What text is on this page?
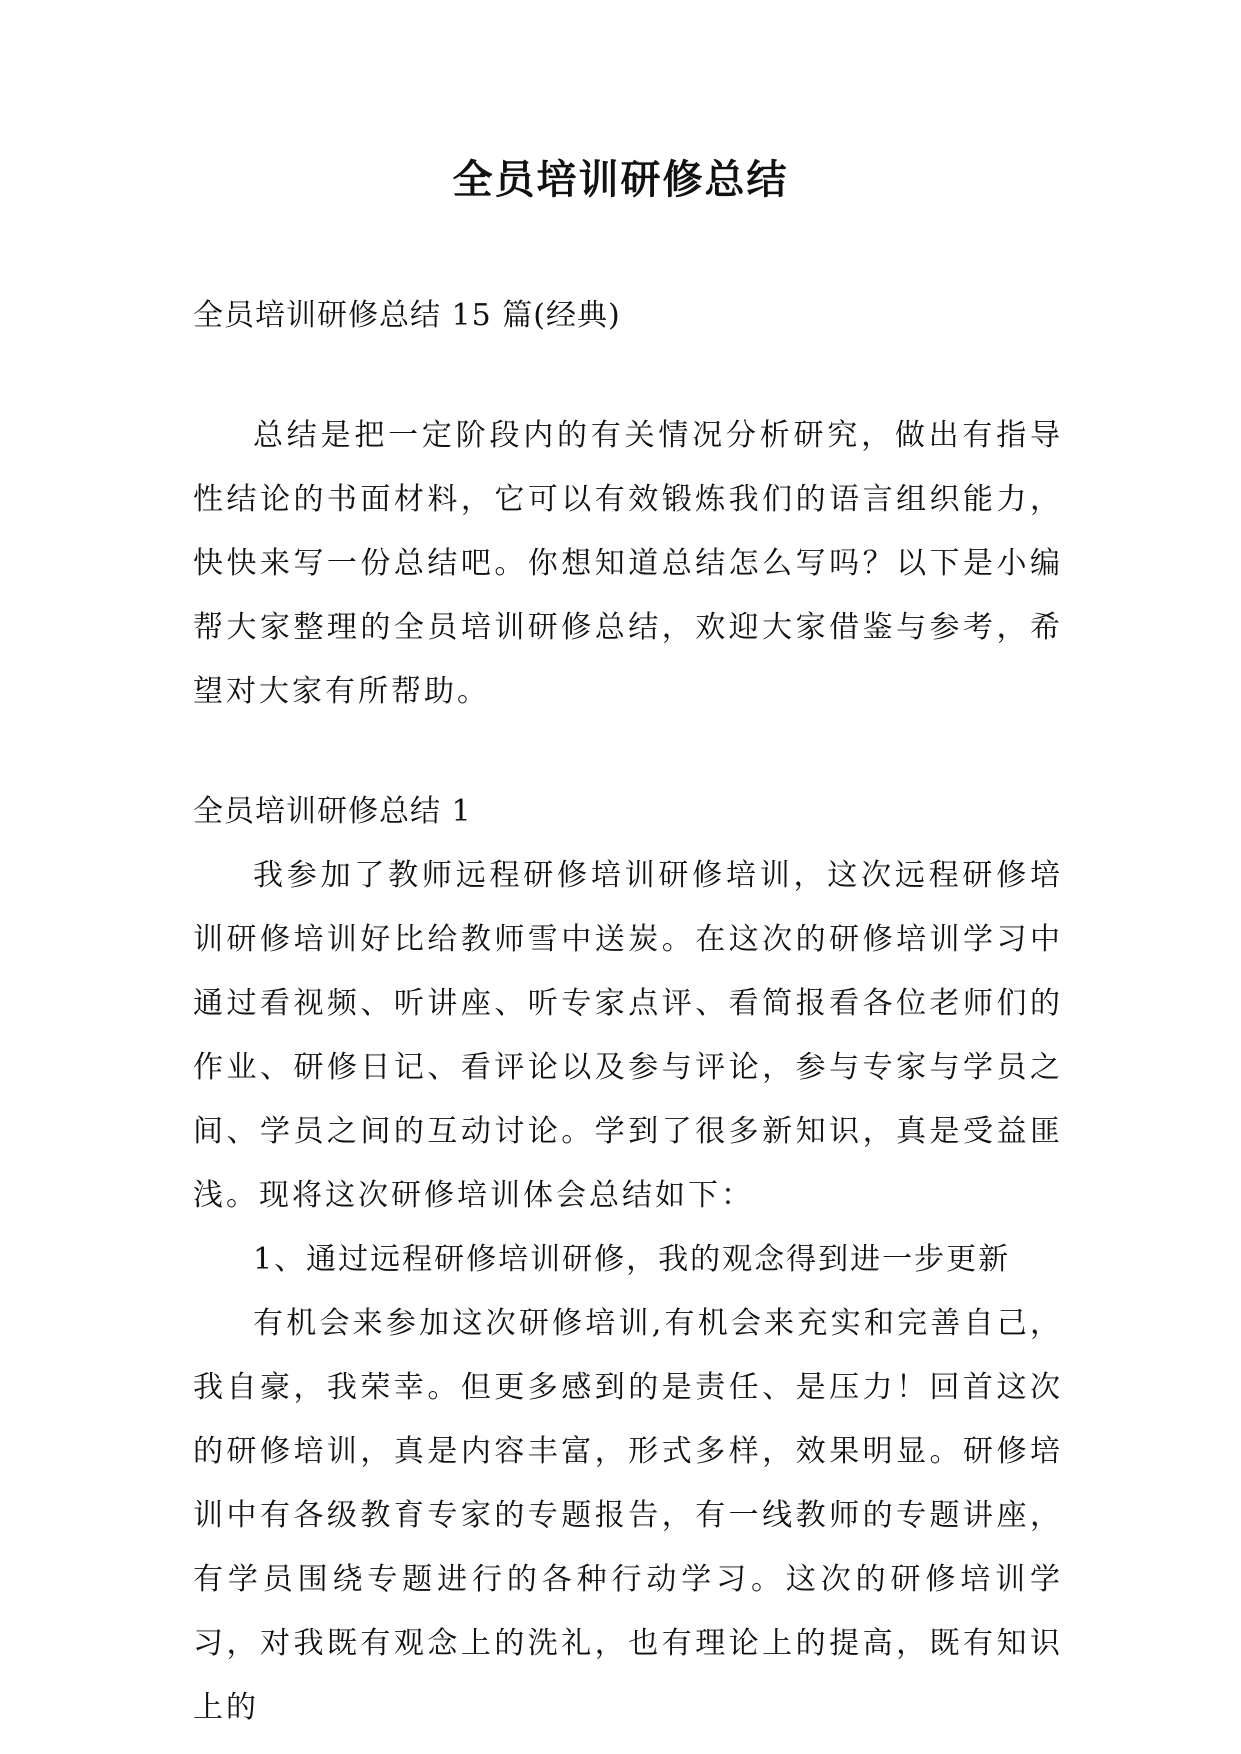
全员培训研修总结

全员培训研修总结 15 篇(经典)

总结是把一定阶段内的有关情况分析研究，做出有指导性结论的书面材料，它可以有效锻炼我们的语言组织能力，快快来写一份总结吧。你想知道总结怎么写吗？以下是小编帮大家整理的全员培训研修总结，欢迎大家借鉴与参考，希望对大家有所帮助。

全员培训研修总结 1

我参加了教师远程研修培训研修培训，这次远程研修培训研修培训好比给教师雪中送炭。在这次的研修培训学习中通过看视频、听讲座、听专家点评、看简报看各位老师们的作业、研修日记、看评论以及参与评论，参与专家与学员之间、学员之间的互动讨论。学到了很多新知识，真是受益匪浅。现将这次研修培训体会总结如下：

1、通过远程研修培训研修，我的观念得到进一步更新

有机会来参加这次研修培训,有机会来充实和完善自己，我自豪，我荣幸。但更多感到的是责任、是压力！回首这次的研修培训，真是内容丰富，形式多样，效果明显。研修培训中有各级教育专家的专题报告，有一线教师的专题讲座，有学员围绕专题进行的各种行动学习。这次的研修培训学习，对我既有观念上的洗礼，也有理论上的提高，既有知识上的
